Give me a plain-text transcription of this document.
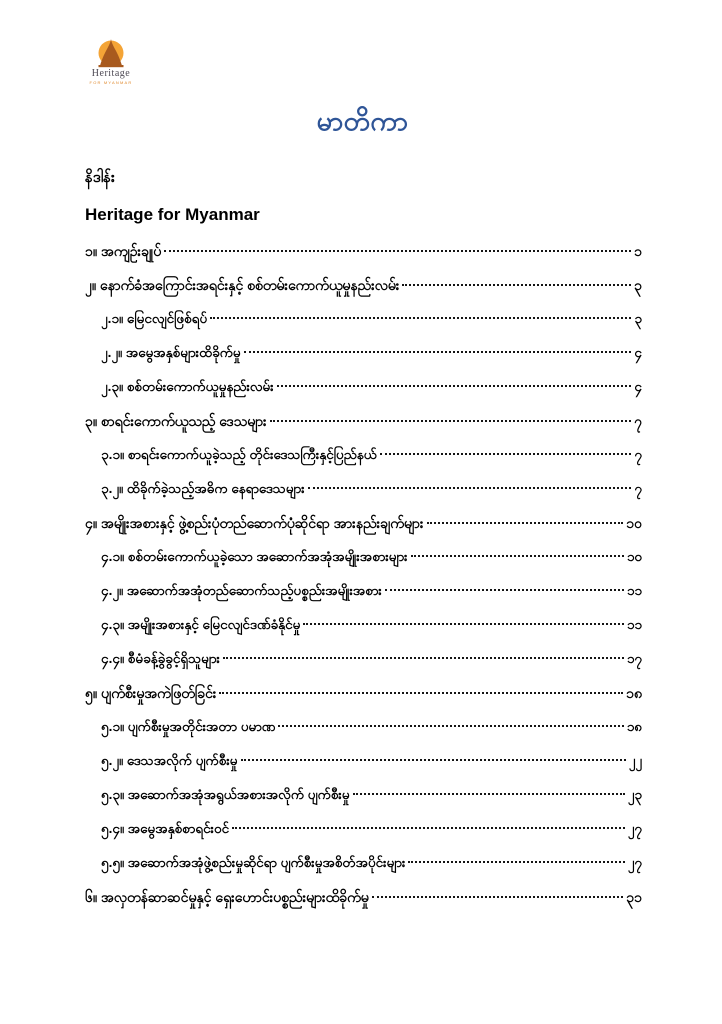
Heritage
FOR MYANMAR
မာတိကာ
နိဒါန်း
Heritage for Myanmar
၁။ အကျဉ်းချုပ်	၁
၂။ နောက်ခံအကြောင်းအရင်းနှင့် စစ်တမ်းကောက်ယူမှုနည်းလမ်း	၃
၂.၁။ မြေငလျင်ဖြစ်ရပ်	၃
၂.၂။ အမွေအနှစ်များထိခိုက်မှု	၄
၂.၃။ စစ်တမ်းကောက်ယူမှုနည်းလမ်း	၄
၃။ စာရင်းကောက်ယူသည့် ဒေသများ	၇
၃.၁။ စာရင်းကောက်ယူခဲ့သည့် တိုင်းဒေသကြီးနှင့်ပြည်နယ်	၇
၃.၂။ ထိခိုက်ခဲ့သည့်အဓိက နေရာဒေသများ	၇
၄။ အမျိုးအစားနှင့် ဖွဲ့စည်းပုံတည်ဆောက်ပုံဆိုင်ရာ အားနည်းချက်များ	၁၀
၄.၁။ စစ်တမ်းကောက်ယူခဲ့သော အဆောက်အအုံအမျိုးအစားများ	၁၀
၄.၂။ အဆောက်အအုံတည်ဆောက်သည့်ပစ္စည်းအမျိုးအစား	၁၁
၄.၃။ အမျိုးအစားနှင့် မြေငလျင်ဒဏ်ခံနိုင်မှု	၁၁
၄.၄။ စီမံခန့်ခွဲခွင့်ရှိသူများ	၁၇
၅။ ပျက်စီးမှုအကဲဖြတ်ခြင်း	၁၈
၅.၁။ ပျက်စီးမှုအတိုင်းအတာ ပမာဏ	၁၈
၅.၂။ ဒေသအလိုက် ပျက်စီးမှု	၂၂
၅.၃။ အဆောက်အအုံအရွယ်အစားအလိုက် ပျက်စီးမှု	၂၃
၅.၄။ အမွေအနှစ်စာရင်းဝင်	၂၇
၅.၅။ အဆောက်အအုံဖွဲ့စည်းမှုဆိုင်ရာ ပျက်စီးမှုအစိတ်အပိုင်းများ	၂၇
၆။ အလှတန်ဆာဆင်မှုနှင့် ရှေးဟောင်းပစ္စည်းများထိခိုက်မှု	၃၁
